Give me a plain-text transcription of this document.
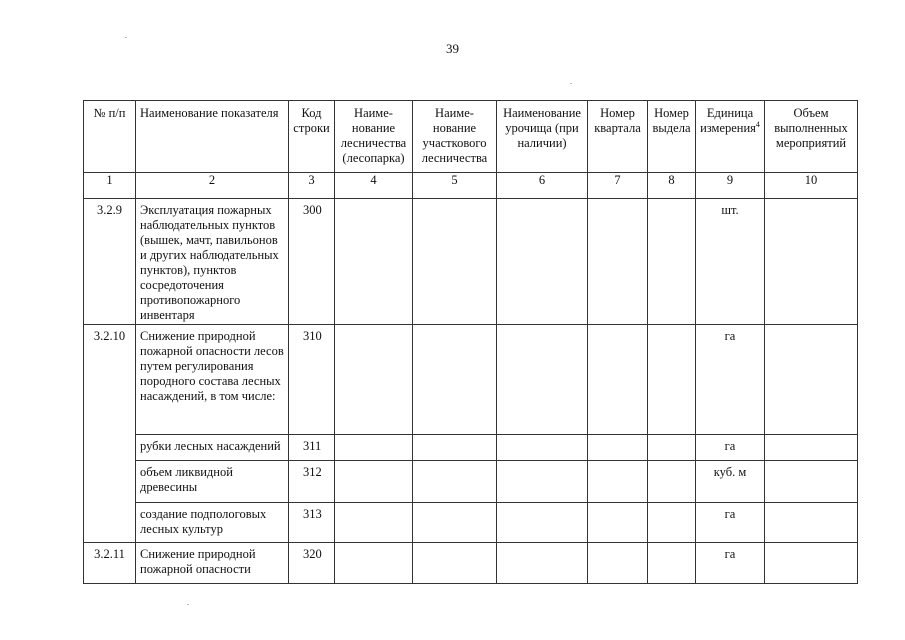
39
№ п/п	Наименование показателя	Код строки	Наиме-нование лесничества (лесопарка)	Наиме-нование участкового лесничества	Наименование урочища (при наличии)	Номер квартала	Номер выдела	Единица измерения$^4$	Объем выполненных мероприятий
1	2	3	4	5	6	7	8	9	10
3.2.9	Эксплуатация пожарных наблюдательных пунктов (вышек, мачт, павильонов и других наблюдательных пунктов), пунктов сосредоточения противопожарного инвентаря	300						шт.	
3.2.10	Снижение природной пожарной опасности лесов путем регулирования породного состава лесных насаждений, в том числе:	310						га	
	рубки лесных насаждений	311						га	
	объем ликвидной древесины	312						куб. м	
	создание подпологовых лесных культур	313						га	
3.2.11	Снижение природной пожарной опасности	320						га	
